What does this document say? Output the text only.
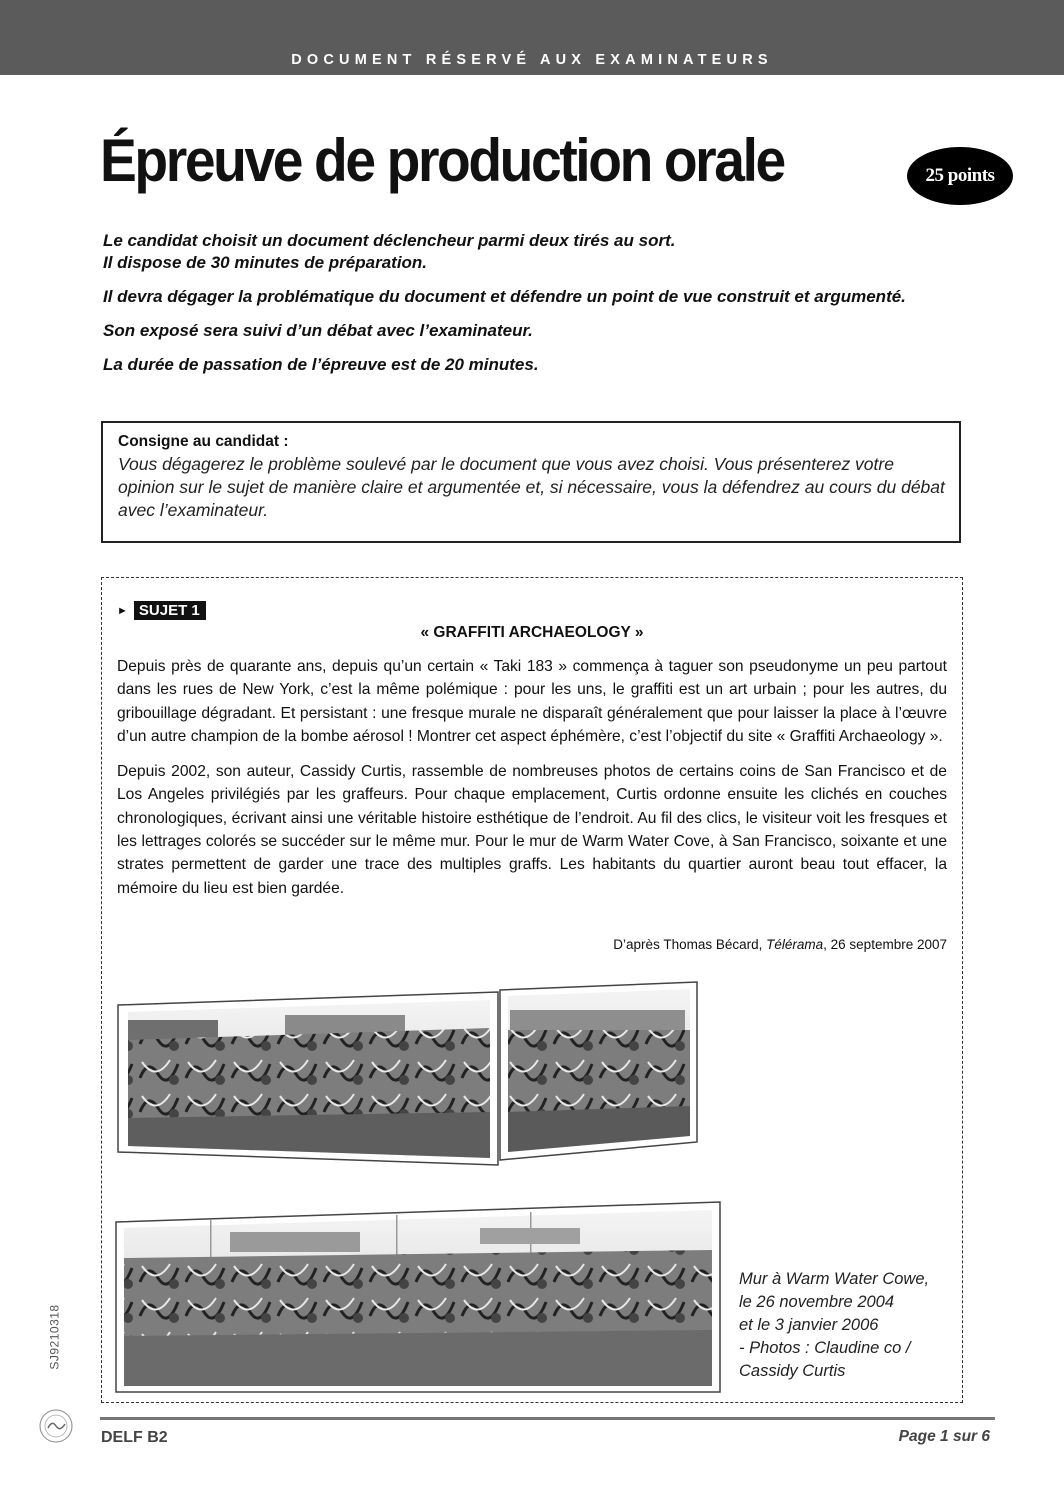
DOCUMENT RÉSERVÉ AUX EXAMINATEURS
Épreuve de production orale	25 points

Le candidat choisit un document déclencheur parmi deux tirés au sort.
Il dispose de 30 minutes de préparation.

Il devra dégager la problématique du document et défendre un point de vue construit et argumenté.

Son exposé sera suivi d’un débat avec l’examinateur.

La durée de passation de l’épreuve est de 20 minutes.

Consigne au candidat :
Vous dégagerez le problème soulevé par le document que vous avez choisi. Vous présenterez votre opinion sur le sujet de manière claire et argumentée et, si nécessaire, vous la défendrez au cours du débat avec l’examinateur.
► SUJET 1
« GRAFFITI ARCHAEOLOGY »

Depuis près de quarante ans, depuis qu’un certain « Taki 183 » commença à taguer son pseudonyme un peu partout dans les rues de New York, c’est la même polémique : pour les uns, le graffiti est un art urbain ; pour les autres, du gribouillage dégradant. Et persistant : une fresque murale ne disparaît généralement que pour laisser la place à l’œuvre d’un autre champion de la bombe aérosol ! Montrer cet aspect éphémère, c’est l’objectif du site « Graffiti Archaeology ».

Depuis 2002, son auteur, Cassidy Curtis, rassemble de nombreuses photos de certains coins de San Francisco et de Los Angeles privilégiés par les graffeurs. Pour chaque emplacement, Curtis ordonne ensuite les clichés en couches chronologiques, écrivant ainsi une véritable histoire esthétique de l’endroit. Au fil des clics, le visiteur voit les fresques et les lettrages colorés se succéder sur le même mur. Pour le mur de Warm Water Cove, à San Francisco, soixante et une strates permettent de garder une trace des multiples graffs. Les habitants du quartier auront beau tout effacer, la mémoire du lieu est bien gardée.

D’après Thomas Bécard, Télérama, 26 septembre 2007
Mur à Warm Water Cowe,
le 26 novembre 2004
et le 3 janvier 2006
- Photos : Claudine co /
Cassidy Curtis
SJ9210318
DELF B2	Page 1 sur 6
